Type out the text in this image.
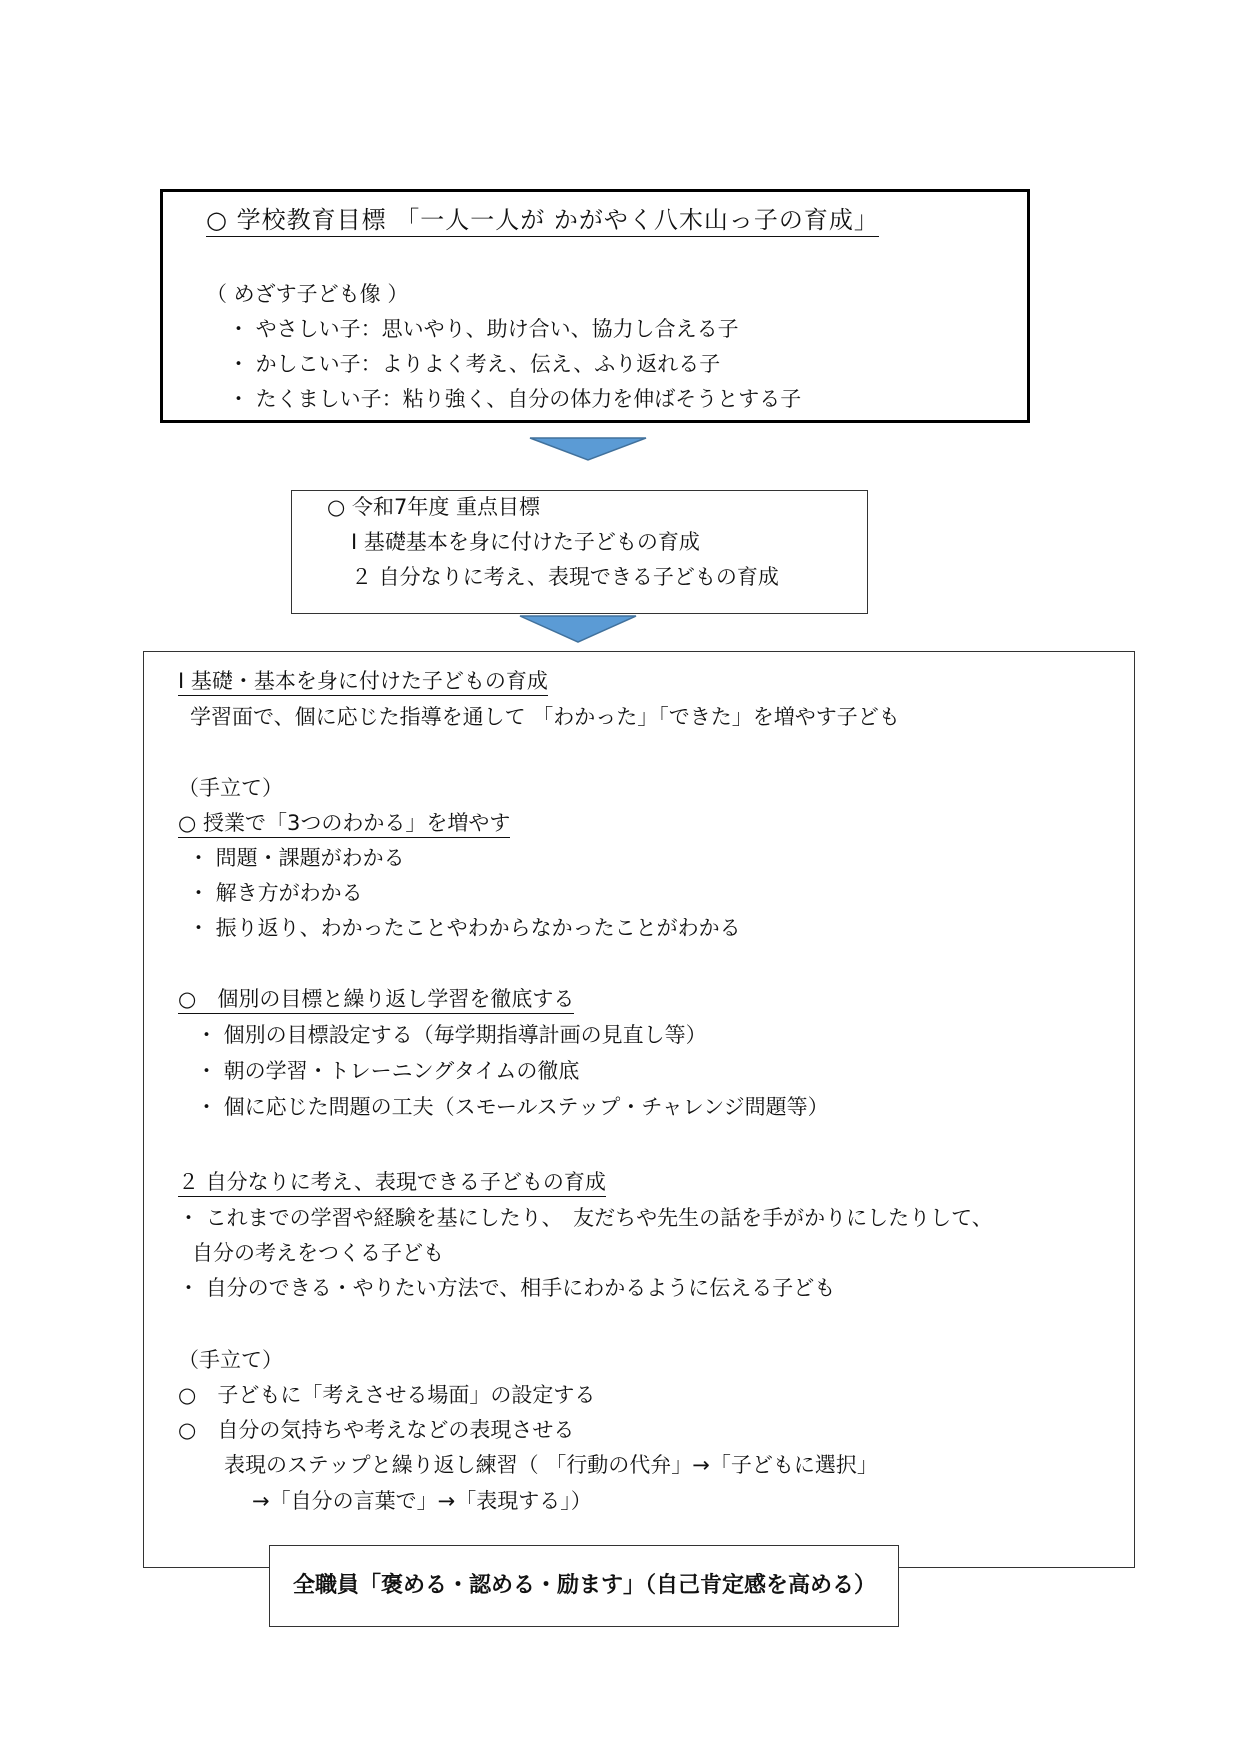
○ 学校教育目標 「一人一人が かがやく八木山っ子の育成」
（ めざす子ども像 ）
・ やさしい子：思いやり、助け合い、協力し合える子
・ かしこい子：よりよく考え、伝え、ふり返れる子
・ たくましい子：粘り強く、自分の体力を伸ばそうとする子
○ 令和7年度 重点目標
Ⅰ 基礎基本を身に付けた子どもの育成
２ 自分なりに考え、表現できる子どもの育成
Ⅰ 基礎・基本を身に付けた子どもの育成
学習面で、個に応じた指導を通して 「わかった」「できた」を増やす子ども
（手立て）
○ 授業で「3つのわかる」を増やす
・ 問題・課題がわかる
・ 解き方がわかる
・ 振り返り、わかったことやわからなかったことがわかる
○　個別の目標と繰り返し学習を徹底する
・ 個別の目標設定する（毎学期指導計画の見直し等）
・ 朝の学習・トレーニングタイムの徹底
・ 個に応じた問題の工夫（スモールステップ・チャレンジ問題等）
２ 自分なりに考え、表現できる子どもの育成
・ これまでの学習や経験を基にしたり、　友だちや先生の話を手がかりにしたりして、
自分の考えをつくる子ども
・ 自分のできる・やりたい方法で、相手にわかるように伝える子ども
（手立て）
○　子どもに「考えさせる場面」の設定する
○　自分の気持ちや考えなどの表現させる
表現のステップと繰り返し練習（ 「行動の代弁」→「子どもに選択」
→「自分の言葉で」→「表現する」）
全職員「褒める・認める・励ます」（自己肯定感を高める）
